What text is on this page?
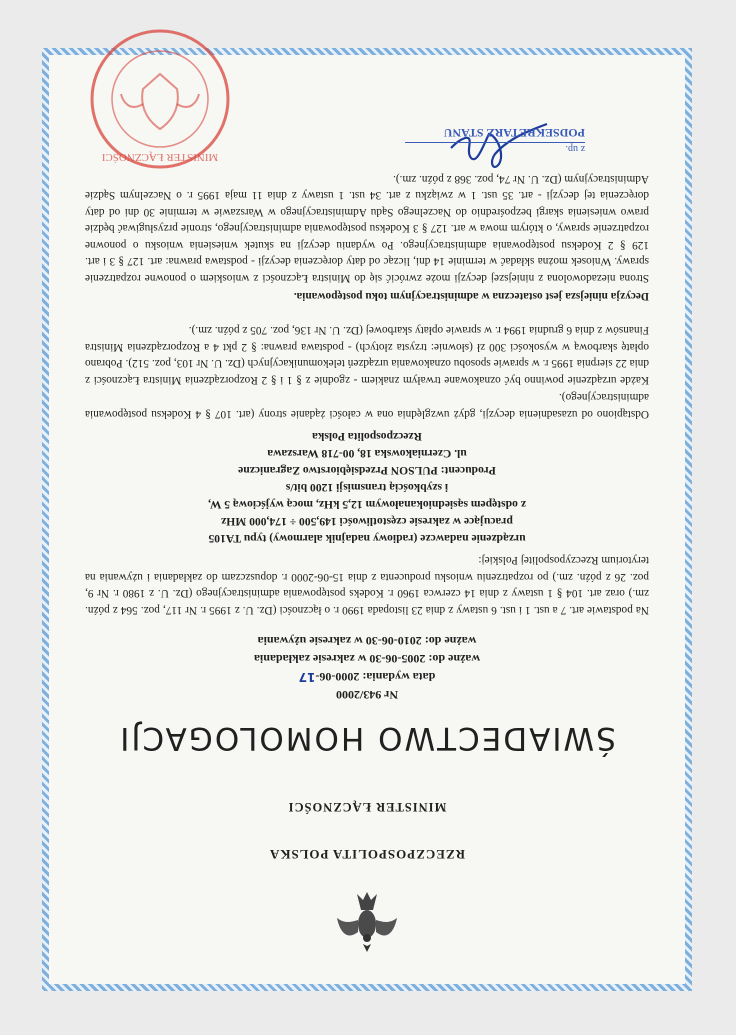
RZECZPOSPOLITA POLSKA
MINISTER ŁĄCZNOŚCI
ŚWIADECTWO HOMOLOGACJI
Nr 943/2000
data wydania: 2000-06-17
ważne do: 2005-06-30 w zakresie zakładania
ważne do: 2010-06-30 w zakresie używania
Na podstawie art. 7 a ust. 1 i ust. 6 ustawy z dnia 23 listopada 1990 r. o łączności (Dz. U. z 1995 r. Nr 117, poz. 564 z późn. zm.) oraz art. 104 § 1 ustawy z dnia 14 czerwca 1960 r. Kodeks postępowania administracyjnego (Dz. U. z 1980 r. Nr 9, poz. 26 z późn. zm.) po rozpatrzeniu wniosku producenta z dnia 15-06-2000 r. dopuszczam do zakładania i używania na terytorium Rzeczypospolitej Polskiej:
urządzenie nadawcze (radiowy nadajnik alarmowy) typu TA105
pracujące w zakresie częstotliwości 149,500 ÷ 174,000 MHz
z odstępem sąsiedniokanałowym 12,5 kHz, mocą wyjściową 5 W,
i szybkością transmisji 1200 bit/s
Producent: PULSON Przedsiębiorstwo Zagraniczne
ul. Czerniakowska 18, 00-718 Warszawa
Rzeczpospolita Polska
Odstąpiono od uzasadnienia decyzji, gdyż uwzględnia ona w całości żądanie strony (art. 107 § 4 Kodeksu postępowania administracyjnego).
Każde urządzenie powinno być oznakowane trwałym znakiem - zgodnie z § 1 i § 2 Rozporządzenia Ministra Łączności z dnia 22 sierpnia 1995 r. w sprawie sposobu oznakowania urządzeń telekomunikacyjnych (Dz. U. Nr 103, poz. 512). Pobrano opłatę skarbową w wysokości 300 zł (słownie: trzysta złotych) - podstawa prawna: § 2 pkt 4 a Rozporządzenia Ministra Finansów z dnia 6 grudnia 1994 r. w sprawie opłaty skarbowej (Dz. U. Nr 136, poz. 705 z późn. zm.).
Decyzja niniejsza jest ostateczna w administracyjnym toku postępowania.
Strona niezadowolona z niniejszej decyzji może zwrócić się do Ministra Łączności z wnioskiem o ponowne rozpatrzenie sprawy. Wniosek można składać w terminie 14 dni, licząc od daty doręczenia decyzji - podstawa prawna: art. 127 § 3 i art. 129 § 2 Kodeksu postępowania administracyjnego. Po wydaniu decyzji na skutek wniesienia wniosku o ponowne rozpatrzenie sprawy, o którym mowa w art. 127 § 3 Kodeksu postępowania administracyjnego, stronie przysługiwać będzie prawo wniesienia skargi bezpośrednio do Naczelnego Sądu Administracyjnego w Warszawie w terminie 30 dni od daty doręczenia tej decyzji - art. 35 ust. 1 w związku z art. 34 ust. 1 ustawy z dnia 11 maja 1995 r. o Naczelnym Sądzie Administracyjnym (Dz. U. Nr 74, poz. 368 z późn. zm.).
MINISTER ŁĄCZNOŚCI
z up.
PODSEKRETARZ STANU
